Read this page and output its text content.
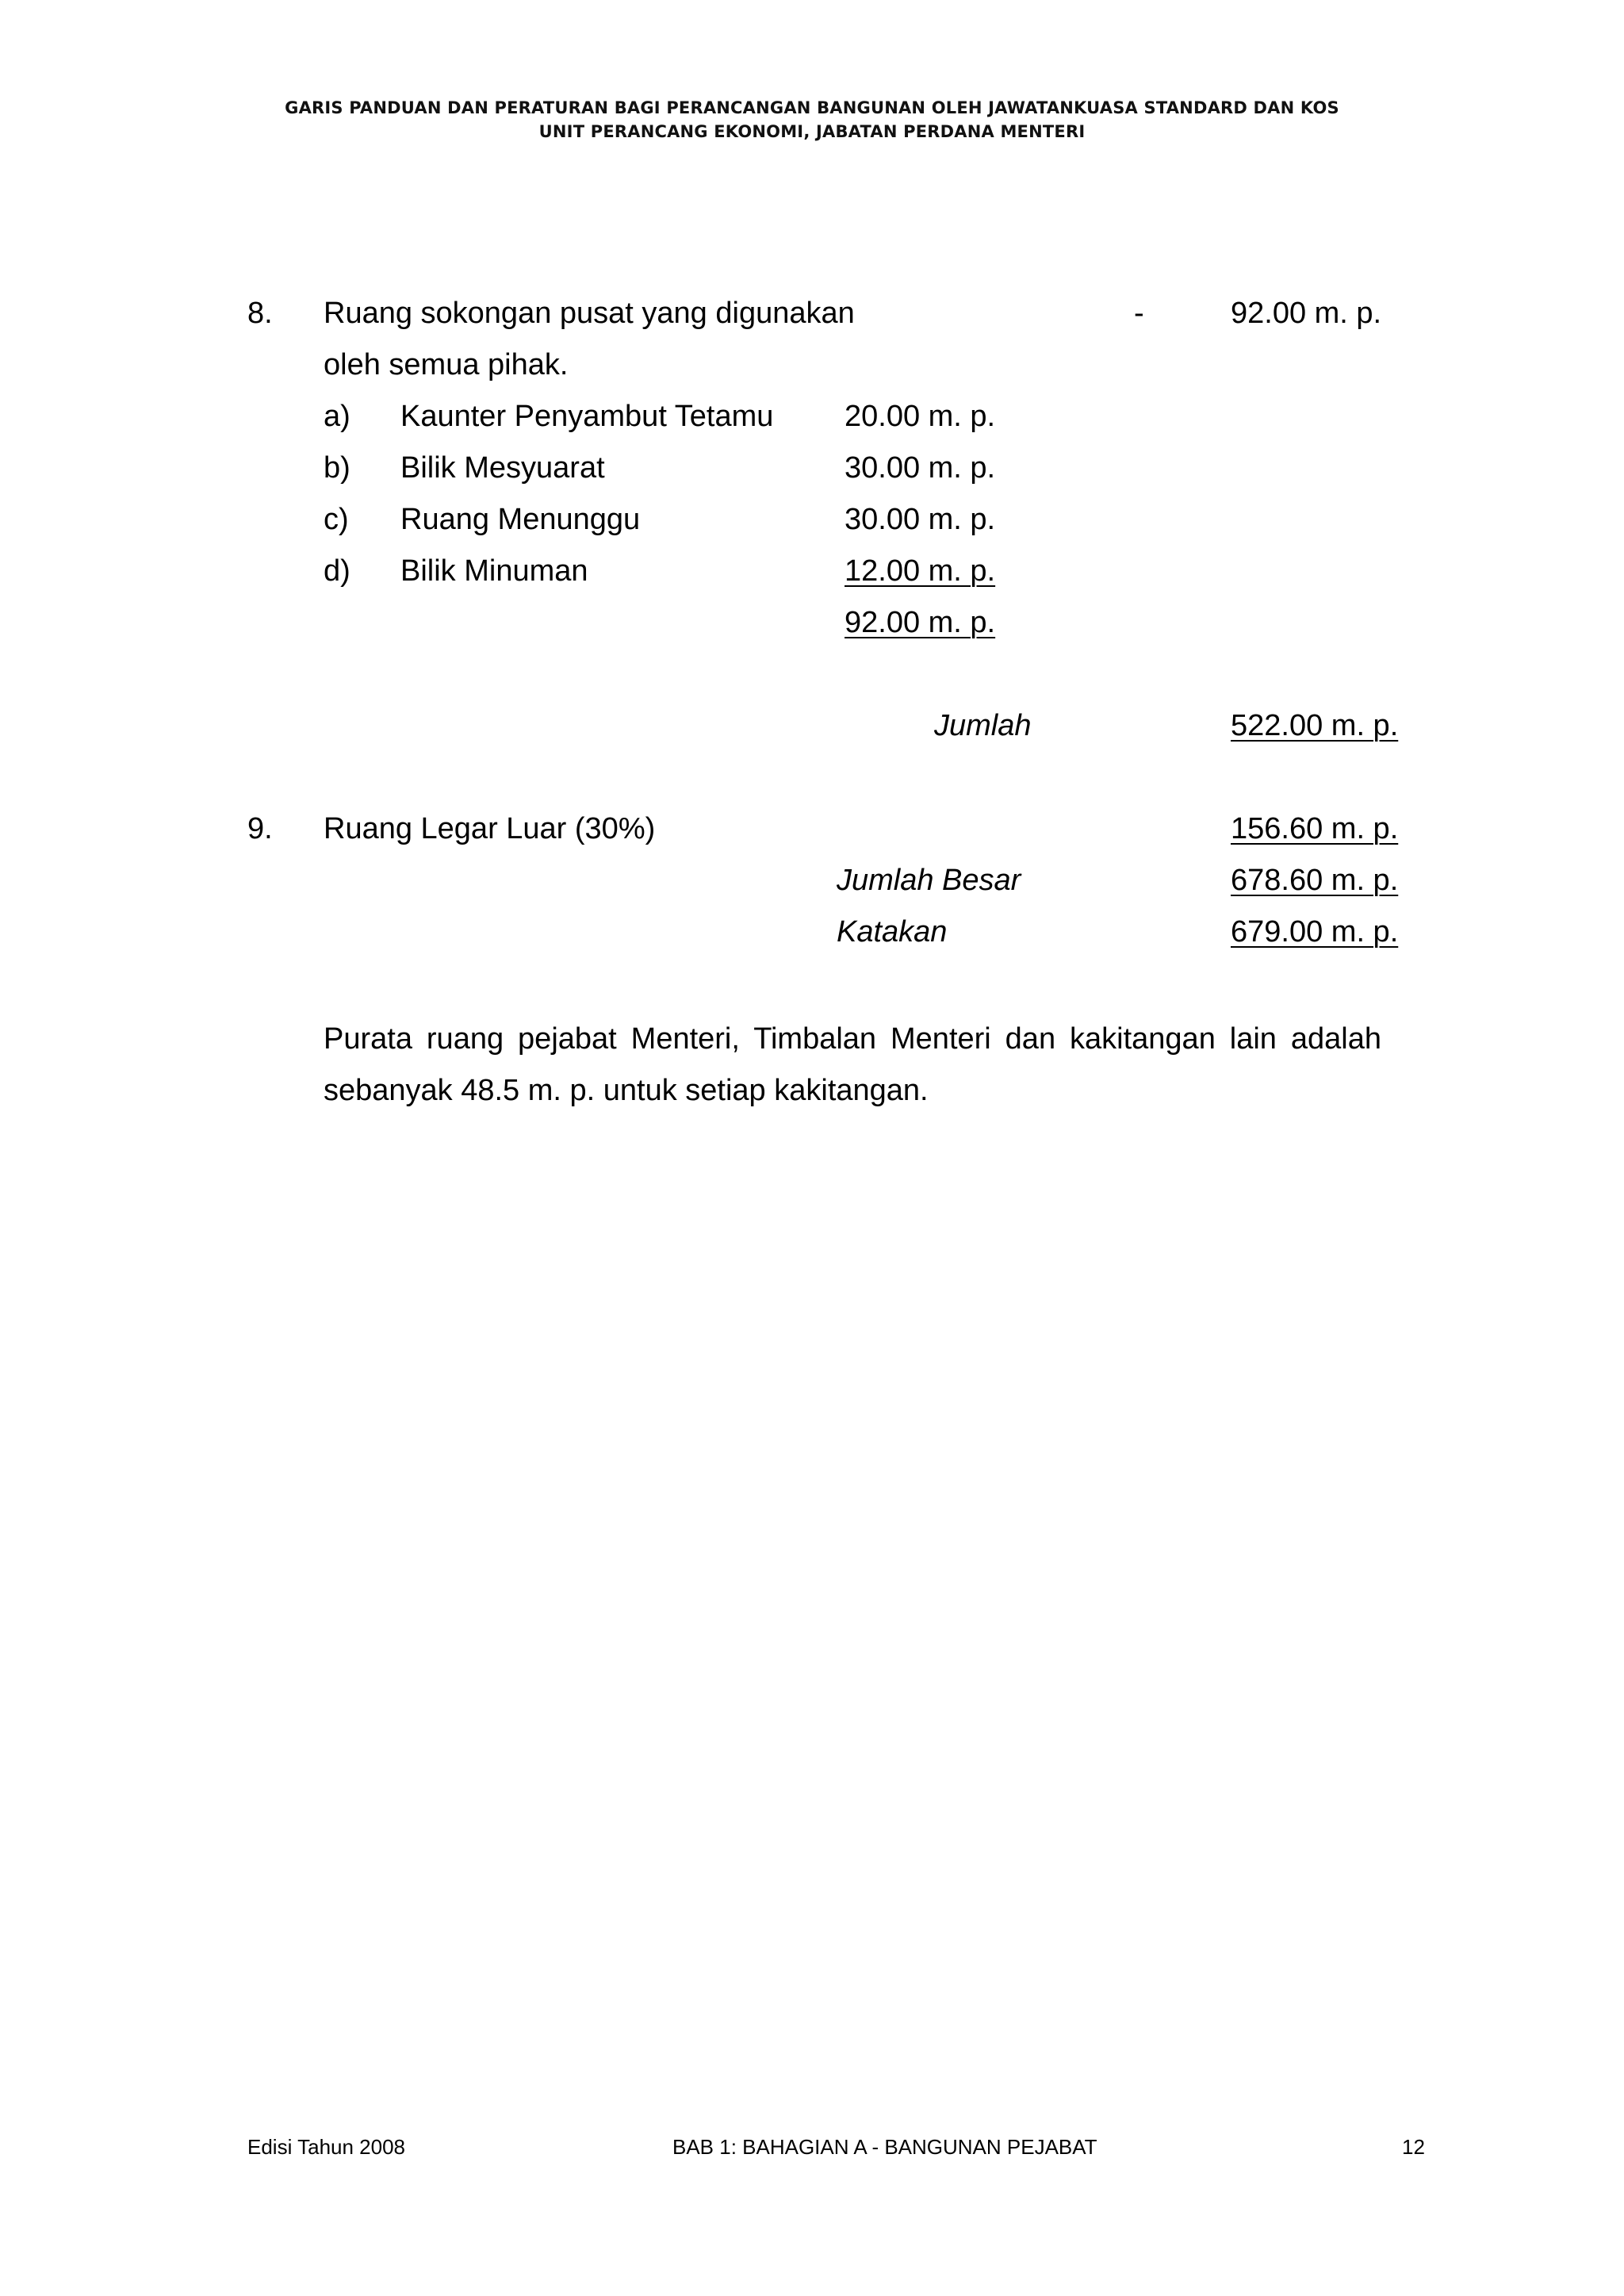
GARIS PANDUAN DAN PERATURAN BAGI PERANCANGAN BANGUNAN OLEH JAWATANKUASA STANDARD DAN KOS
UNIT PERANCANG EKONOMI, JABATAN PERDANA MENTERI
8. Ruang sokongan pusat yang digunakan	-	92.00 m. p.
oleh semua pihak.
a) Kaunter Penyambut Tetamu 20.00 m. p.
b) Bilik Mesyuarat	30.00 m. p.
c) Ruang Menunggu	30.00 m. p.
d) Bilik Minuman	12.00 m. p.
92.00 m. p.
Jumlah	522.00 m. p.
9. Ruang Legar Luar (30%)	156.60 m. p.
Jumlah Besar	678.60 m. p.
Katakan	679.00 m. p.
Purata ruang pejabat Menteri, Timbalan Menteri dan kakitangan lain adalah sebanyak 48.5 m. p. untuk setiap kakitangan.
Edisi Tahun 2008	BAB 1: BAHAGIAN A - BANGUNAN PEJABAT	12
